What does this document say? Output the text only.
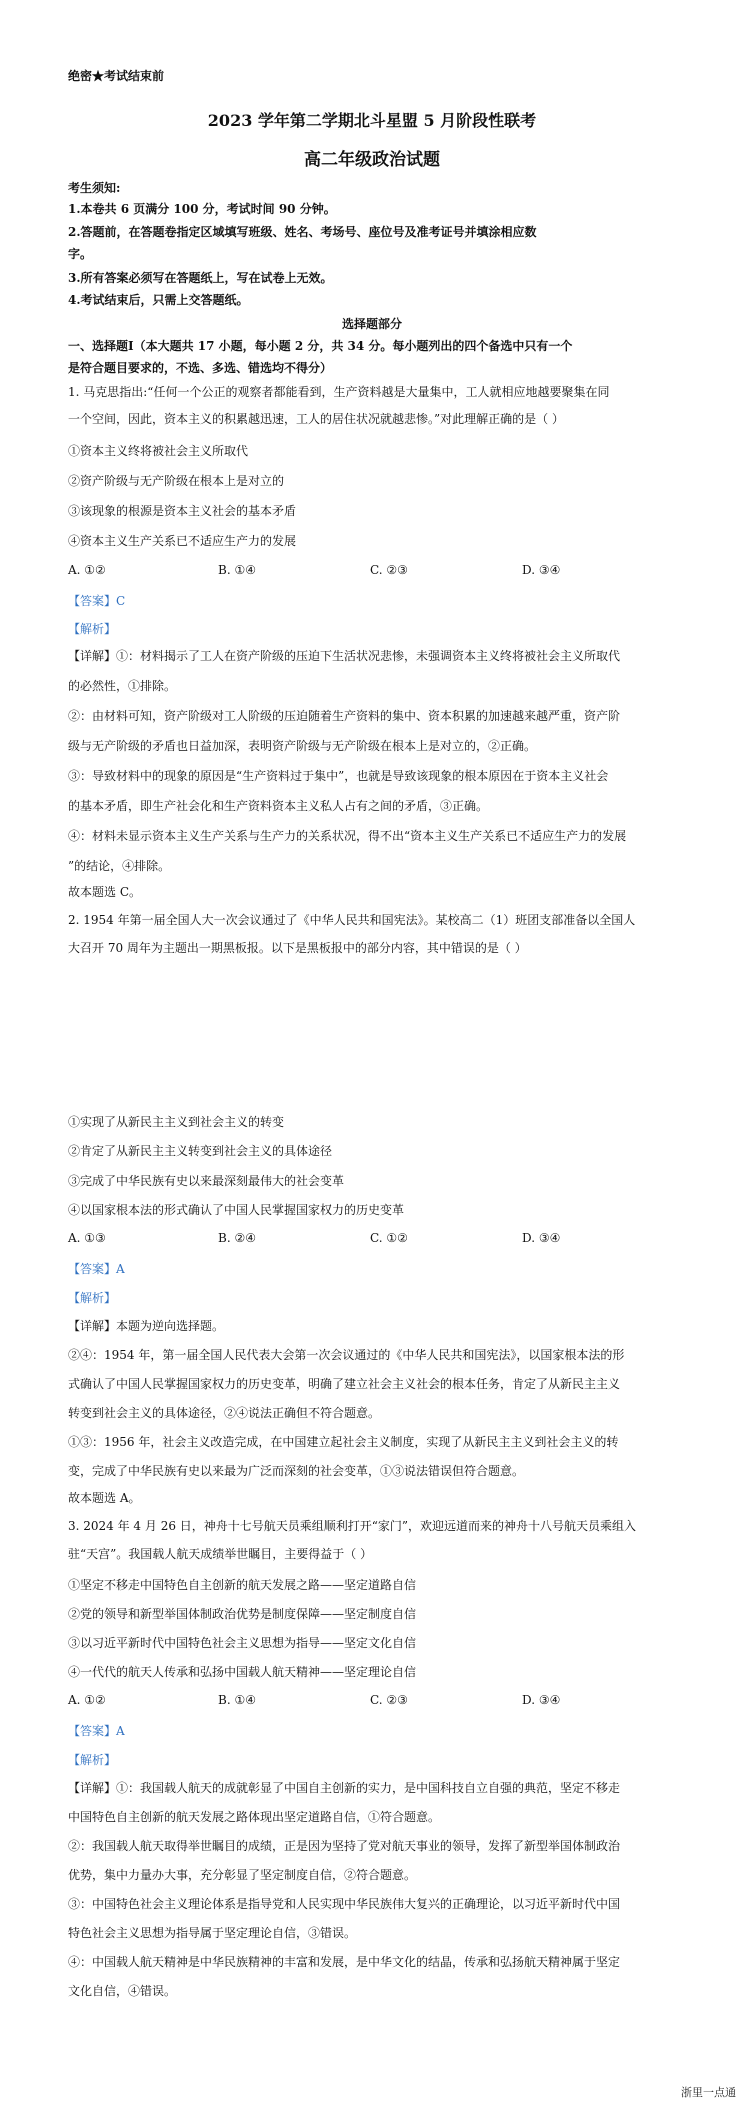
绝密★考试结束前
2023 学年第二学期北斗星盟 5 月阶段性联考
高二年级政治试题
考生须知:
1.本卷共 6 页满分 100 分，考试时间 90 分钟。
2.答题前，在答题卷指定区域填写班级、姓名、考场号、座位号及准考证号并填涂相应数
字。
3.所有答案必须写在答题纸上，写在试卷上无效。
4.考试结束后，只需上交答题纸。
选择题部分
一、选择题Ⅰ（本大题共 17 小题，每小题 2 分，共 34 分。每小题列出的四个备选中只有一个
是符合题目要求的，不选、多选、错选均不得分）
1. 马克思指出:“任何一个公正的观察者都能看到，生产资料越是大量集中，工人就相应地越要聚集在同
一个空间，因此，资本主义的积累越迅速，工人的居住状况就越悲惨。”对此理解正确的是（ ）
①资本主义终将被社会主义所取代
②资产阶级与无产阶级在根本上是对立的
③该现象的根源是资本主义社会的基本矛盾
④资本主义生产关系已不适应生产力的发展
A. ①②	B. ①④	C. ②③	D. ③④
【答案】C
【解析】
【详解】①：材料揭示了工人在资产阶级的压迫下生活状况悲惨，未强调资本主义终将被社会主义所取代
的必然性，①排除。
②：由材料可知，资产阶级对工人阶级的压迫随着生产资料的集中、资本积累的加速越来越严重，资产阶
级与无产阶级的矛盾也日益加深，表明资产阶级与无产阶级在根本上是对立的，②正确。
③：导致材料中的现象的原因是“生产资料过于集中”，也就是导致该现象的根本原因在于资本主义社会
的基本矛盾，即生产社会化和生产资料资本主义私人占有之间的矛盾，③正确。
④：材料未显示资本主义生产关系与生产力的关系状况，得不出“资本主义生产关系已不适应生产力的发展
”的结论，④排除。
故本题选 C。
2. 1954 年第一届全国人大一次会议通过了《中华人民共和国宪法》。某校高二（1）班团支部准备以全国人
大召开 70 周年为主题出一期黑板报。以下是黑板报中的部分内容，其中错误的是（ ）
①实现了从新民主主义到社会主义的转变
②肯定了从新民主主义转变到社会主义的具体途径
③完成了中华民族有史以来最深刻最伟大的社会变革
④以国家根本法的形式确认了中国人民掌握国家权力的历史变革
A. ①③	B. ②④	C. ①②	D. ③④
【答案】A
【解析】
【详解】本题为逆向选择题。
②④：1954 年，第一届全国人民代表大会第一次会议通过的《中华人民共和国宪法》，以国家根本法的形
式确认了中国人民掌握国家权力的历史变革，明确了建立社会主义社会的根本任务，肯定了从新民主主义
转变到社会主义的具体途径，②④说法正确但不符合题意。
①③：1956 年，社会主义改造完成，在中国建立起社会主义制度，实现了从新民主主义到社会主义的转
变，完成了中华民族有史以来最为广泛而深刻的社会变革，①③说法错误但符合题意。
故本题选 A。
3. 2024 年 4 月 26 日，神舟十七号航天员乘组顺利打开“家门”，欢迎远道而来的神舟十八号航天员乘组入
驻“天宫”。我国载人航天成绩举世瞩目，主要得益于（ ）
①坚定不移走中国特色自主创新的航天发展之路——坚定道路自信
②党的领导和新型举国体制政治优势是制度保障——坚定制度自信
③以习近平新时代中国特色社会主义思想为指导——坚定文化自信
④一代代的航天人传承和弘扬中国载人航天精神——坚定理论自信
A. ①②	B. ①④	C. ②③	D. ③④
【答案】A
【解析】
【详解】①：我国载人航天的成就彰显了中国自主创新的实力，是中国科技自立自强的典范，坚定不移走
中国特色自主创新的航天发展之路体现出坚定道路自信，①符合题意。
②：我国载人航天取得举世瞩目的成绩，正是因为坚持了党对航天事业的领导，发挥了新型举国体制政治
优势，集中力量办大事，充分彰显了坚定制度自信，②符合题意。
③：中国特色社会主义理论体系是指导党和人民实现中华民族伟大复兴的正确理论，以习近平新时代中国
特色社会主义思想为指导属于坚定理论自信，③错误。
④：中国载人航天精神是中华民族精神的丰富和发展，是中华文化的结晶，传承和弘扬航天精神属于坚定
文化自信，④错误。
浙里一点通
